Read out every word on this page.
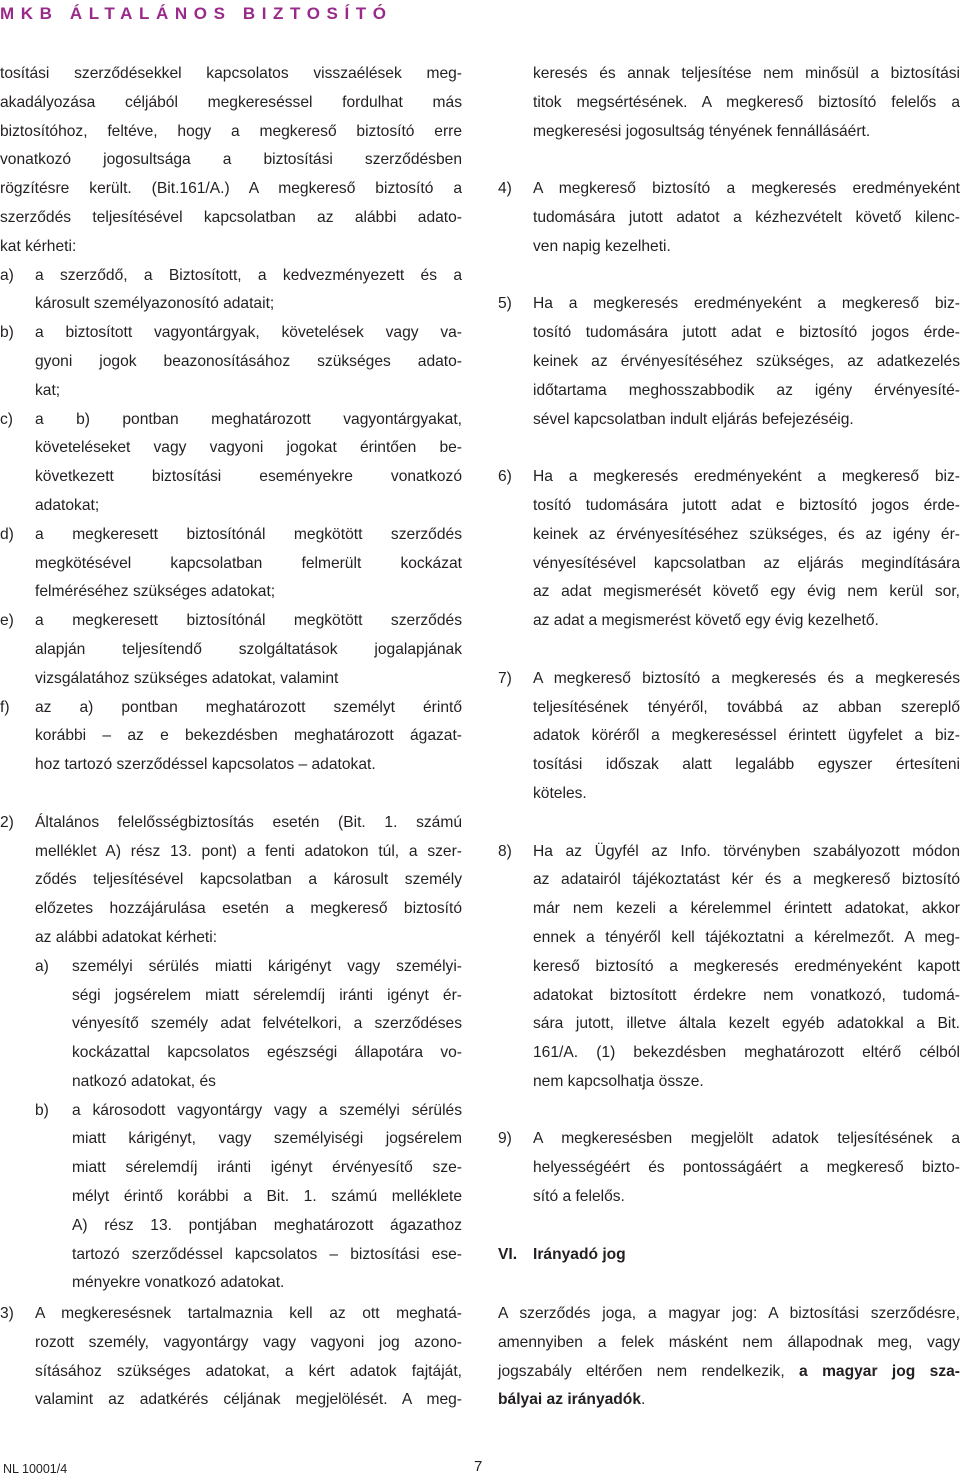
MKB ÁLTALÁNOS BIZTOSÍTÓ
tosítási szerződésekkel kapcsolatos visszaélések meg-
akadályozása céljából megkereséssel fordulhat más
biztosítóhoz, feltéve, hogy a megkereső biztosító erre
vonatkozó jogosultsága a biztosítási szerződésben
rögzítésre került. (Bit.161/A.) A megkereső biztosító a
szerződés teljesítésével kapcsolatban az alábbi adato-
kat kérheti:
a) a szerződő, a Biztosított, a kedvezményezett és a
károsult személyazonosító adatait;
b) a biztosított vagyontárgyak, követelések vagy va-
gyoni jogok beazonosításához szükséges adato-
kat;
c) a b) pontban meghatározott vagyontárgyakat,
követeléseket vagy vagyoni jogokat érintően be-
következett biztosítási eseményekre vonatkozó
adatokat;
d) a megkeresett biztosítónál megkötött szerződés
megkötésével kapcsolatban felmerült kockázat
felméréséhez szükséges adatokat;
e) a megkeresett biztosítónál megkötött szerződés
alapján teljesítendő szolgáltatások jogalapjának
vizsgálatához szükséges adatokat, valamint
f) az a) pontban meghatározott személyt érintő
korábbi – az e bekezdésben meghatározott ágazat-
hoz tartozó szerződéssel kapcsolatos – adatokat.
2) Általános felelősségbiztosítás esetén (Bit. 1. számú
melléklet A) rész 13. pont) a fenti adatokon túl, a szer-
ződés teljesítésével kapcsolatban a károsult személy
előzetes hozzájárulása esetén a megkereső biztosító
az alábbi adatokat kérheti:
a) személyi sérülés miatti kárigényt vagy személyi-
ségi jogsérelem miatt sérelemdíj iránti igényt ér-
vényesítő személy adat felvételkori, a szerződéses
kockázattal kapcsolatos egészségi állapotára vo-
natkozó adatokat, és
b) a károsodott vagyontárgy vagy a személyi sérülés
miatt kárigényt, vagy személyiségi jogsérelem
miatt sérelemdíj iránti igényt érvényesítő sze-
mélyt érintő korábbi a Bit. 1. számú melléklete
A) rész 13. pontjában meghatározott ágazathoz
tartozó szerződéssel kapcsolatos – biztosítási ese-
ményekre vonatkozó adatokat.
3) A megkeresésnek tartalmaznia kell az ott meghatá-
rozott személy, vagyontárgy vagy vagyoni jog azono-
sításához szükséges adatokat, a kért adatok fajtáját,
valamint az adatkérés céljának megjelölését. A meg-
keresés és annak teljesítése nem minősül a biztosítási
titok megsértésének. A megkereső biztosító felelős a
megkeresési jogosultság tényének fennállásáért.
4) A megkereső biztosító a megkeresés eredményeként
tudomására jutott adatot a kézhezvételt követő kilenc-
ven napig kezelheti.
5) Ha a megkeresés eredményeként a megkereső biz-
tosító tudomására jutott adat e biztosító jogos érde-
keinek az érvényesítéséhez szükséges, az adatkezelés
időtartama meghosszabbodik az igény érvényesíté-
sével kapcsolatban indult eljárás befejezéséig.
6) Ha a megkeresés eredményeként a megkereső biz-
tosító tudomására jutott adat e biztosító jogos érde-
keinek az érvényesítéséhez szükséges, és az igény ér-
vényesítésével kapcsolatban az eljárás megindítására
az adat megismerését követő egy évig nem kerül sor,
az adat a megismerést követő egy évig kezelhető.
7) A megkereső biztosító a megkeresés és a megkeresés
teljesítésének tényéről, továbbá az abban szereplő
adatok köréről a megkereséssel érintett ügyfelet a biz-
tosítási időszak alatt legalább egyszer értesíteni
köteles.
8) Ha az Ügyfél az Info. törvényben szabályozott módon
az adatairól tájékoztatást kér és a megkereső biztosító
már nem kezeli a kérelemmel érintett adatokat, akkor
ennek a tényéről kell tájékoztatni a kérelmezőt. A meg-
kereső biztosító a megkeresés eredményeként kapott
adatokat biztosított érdekre nem vonatkozó, tudomá-
sára jutott, illetve általa kezelt egyéb adatokkal a Bit.
161/A. (1) bekezdésben meghatározott eltérő célból
nem kapcsolhatja össze.
9) A megkeresésben megjelölt adatok teljesítésének a
helyességéért és pontosságáért a megkereső bizto-
sító a felelős.
VI. Irányadó jog
A szerződés joga, a magyar jog: A biztosítási szerződésre,
amennyiben a felek másként nem állapodnak meg, vagy
jogszabály eltérően nem rendelkezik, a magyar jog sza-
bályai az irányadók.
NL 10001/4	7
